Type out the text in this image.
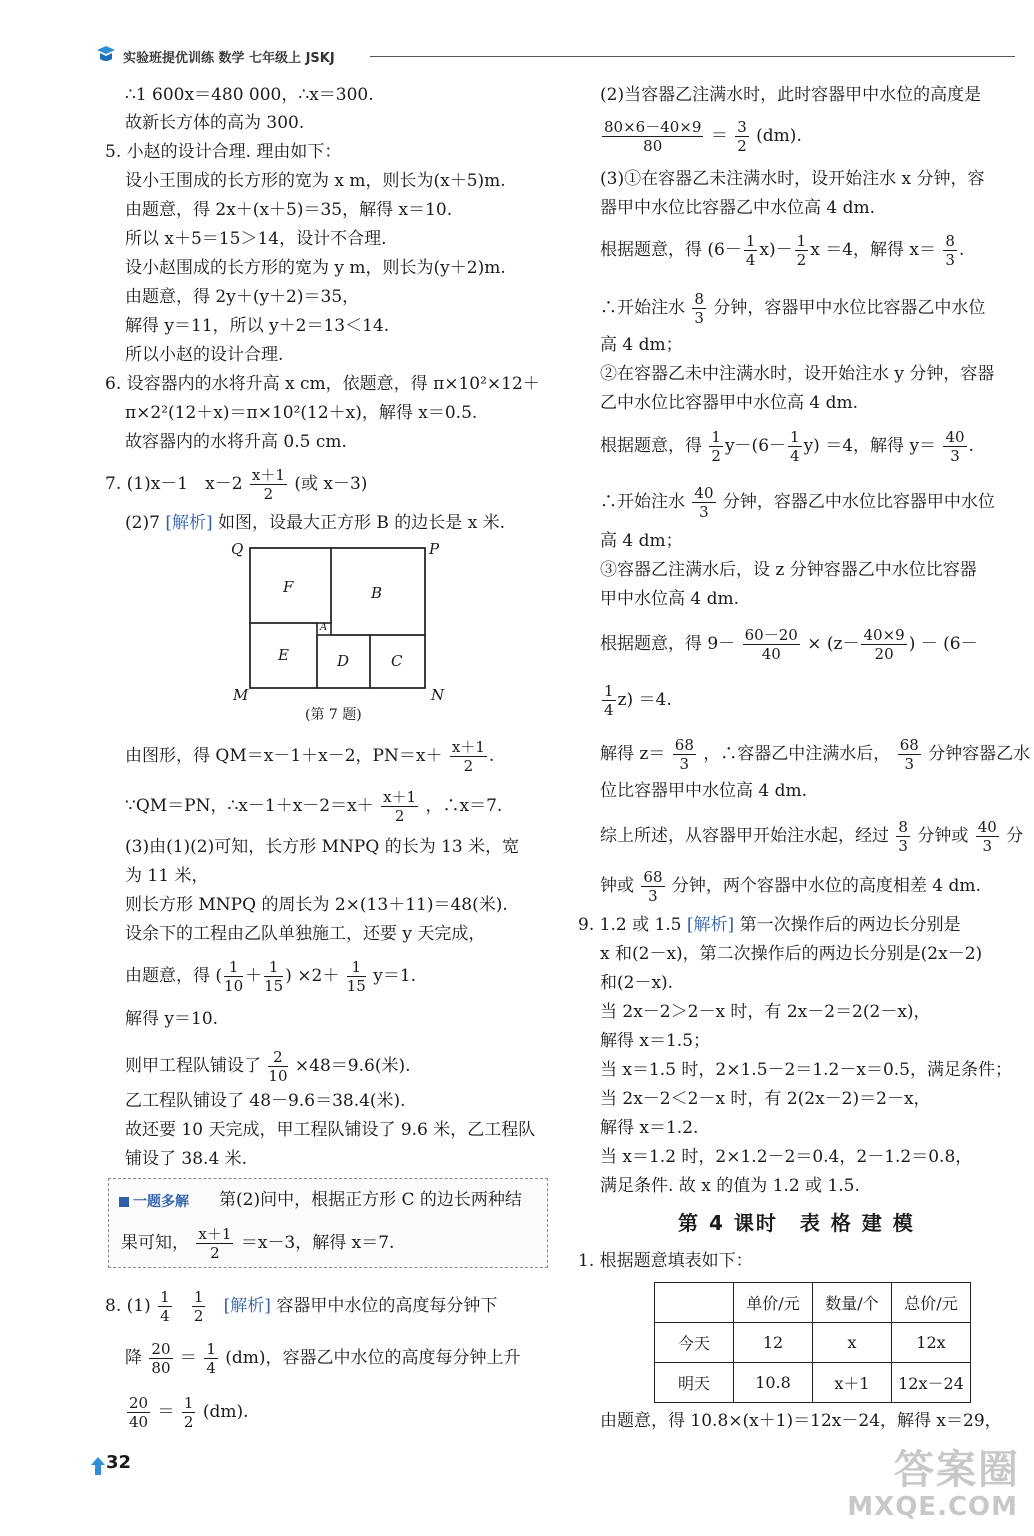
实验班提优训练 数学 七年级上 JSKJ
∴1 600x＝480 000，∴x＝300.
故新长方体的高为 300.
5. 小赵的设计合理. 理由如下：
设小王围成的长方形的宽为 x m，则长为(x＋5)m.
由题意，得 2x＋(x＋5)＝35，解得 x＝10.
所以 x＋5＝15＞14，设计不合理.
设小赵围成的长方形的宽为 y m，则长为(y＋2)m.
由题意，得 2y＋(y＋2)＝35，
解得 y＝11，所以 y＋2＝13＜14.
所以小赵的设计合理.
6. 设容器内的水将升高 x cm，依题意，得 π×10²×12＋
π×2²(12＋x)＝π×10²(12＋x)，解得 x＝0.5.
故容器内的水将升高 0.5 cm.
7. (1)x－1　$x-2 \frac{x+1}{2}$ (或 x－3)
(2)7 [解析] 如图，设最大正方形 B 的边长是 x 米.
Q	P
M	N
F	B
E	D	C
A
(第 7 题)
由图形，得 QM＝x－1＋x－2，$PN=x+ \frac{x+1}{2}$ .
∵QM＝PN，∴x－1＋x－2＝x＋ $\frac{x+1}{2}$ ，∴x＝7.
(3)由(1)(2)可知，长方形 MNPQ 的长为 13 米，宽
为 11 米，
则长方形 MNPQ 的周长为 2×(13＋11)＝48(米).
设余下的工程由乙队单独施工，还要 y 天完成，
由题意，得 ( $\frac{1}{10} + \frac{1}{15}$ ) $\times 2+ \frac{1}{15} y=1$.
解得 y＝10.
则甲工程队铺设了 $\frac{2}{10} \times 48=9.6$(米).
乙工程队铺设了 48－9.6＝38.4(米).
故还要 10 天完成，甲工程队铺设了 9.6 米，乙工程队
铺设了 38.4 米.
一题多解 第(2)问中，根据正方形 C 的边长两种结
果可知， $\frac{x+1}{2} =x-3$，解得 x＝7.
8. $(1) \frac{1}{4}$
$\frac{1}{2}$ [解析] 容器甲中水位的高度每分钟下
降 $\frac{20}{80} = \frac{1}{4} (dm)$，容器乙中水位的高度每分钟上升
$\frac{20}{40} = \frac{1}{2} (dm)$.
(2)当容器乙注满水时，此时容器甲中水位的高度是
$\frac{80\times 6-40\times 9}{80} = \frac{3}{2} (dm)$.
(3)①在容器乙未注满水时，设开始注水 x 分钟，容
器甲中水位比容器乙中水位高 4 dm.
根据题意，得 $(6- \frac{1}{4} x)- \frac{1}{2}$ x ＝4，解得 $x= \frac{8}{3}$ .
∴开始注水 $\frac{8}{3}$ 分钟，容器甲中水位比容器乙中水位
高 4 dm；
②在容器乙未中注满水时，设开始注水 y 分钟，容器
乙中水位比容器甲中水位高 4 dm.
根据题意，得 $\frac{1}{2} y-(6- \frac{1}{4} y) =4$，解得 $y= \frac{40}{3}$ .
∴开始注水 $\frac{40}{3}$ 分钟，容器乙中水位比容器甲中水位
高 4 dm；
③容器乙注满水后，设 z 分钟容器乙中水位比容器
甲中水位高 4 dm.
根据题意，得 $9- \frac{60-20}{40} \times (z- \frac{40\times 9}{20}$ ) － (6－
$\frac{1}{4} z) =4$.
解得 $z= \frac{68}{3}$ ，∴容器乙中注满水后， $\frac{68}{3}$ 分钟容器乙水
位比容器甲中水位高 4 dm.
综上所述，从容器甲开始注水起，经过 $\frac{8}{3}$ 分钟或 $\frac{40}{3}$ 分
钟或 $\frac{68}{3}$ 分钟，两个容器中水位的高度相差 4 dm.
9. 1.2 或 1.5 [解析] 第一次操作后的两边长分别是
x 和(2－x)，第二次操作后的两边长分别是(2x－2)
和(2－x).
当 2x－2＞2－x 时，有 2x－2＝2(2－x)，
解得 x＝1.5；
当 x＝1.5 时，2×1.5－2＝1.2－x＝0.5，满足条件；
当 2x－2＜2－x 时，有 2(2x－2)＝2－x，
解得 x＝1.2.
当 x＝1.2 时，2×1.2－2＝0.4，2－1.2＝0.8，
满足条件. 故 x 的值为 1.2 或 1.5.
第 4 课时　表 格 建 模
1. 根据题意填表如下：
	单价/元	数量/个	总价/元
今天	12	x	12x
明天	10.8	x＋1	12x－24
由题意，得 10.8×(x＋1)＝12x－24，解得 x＝29，
32	答案圈
MXQE.COM
